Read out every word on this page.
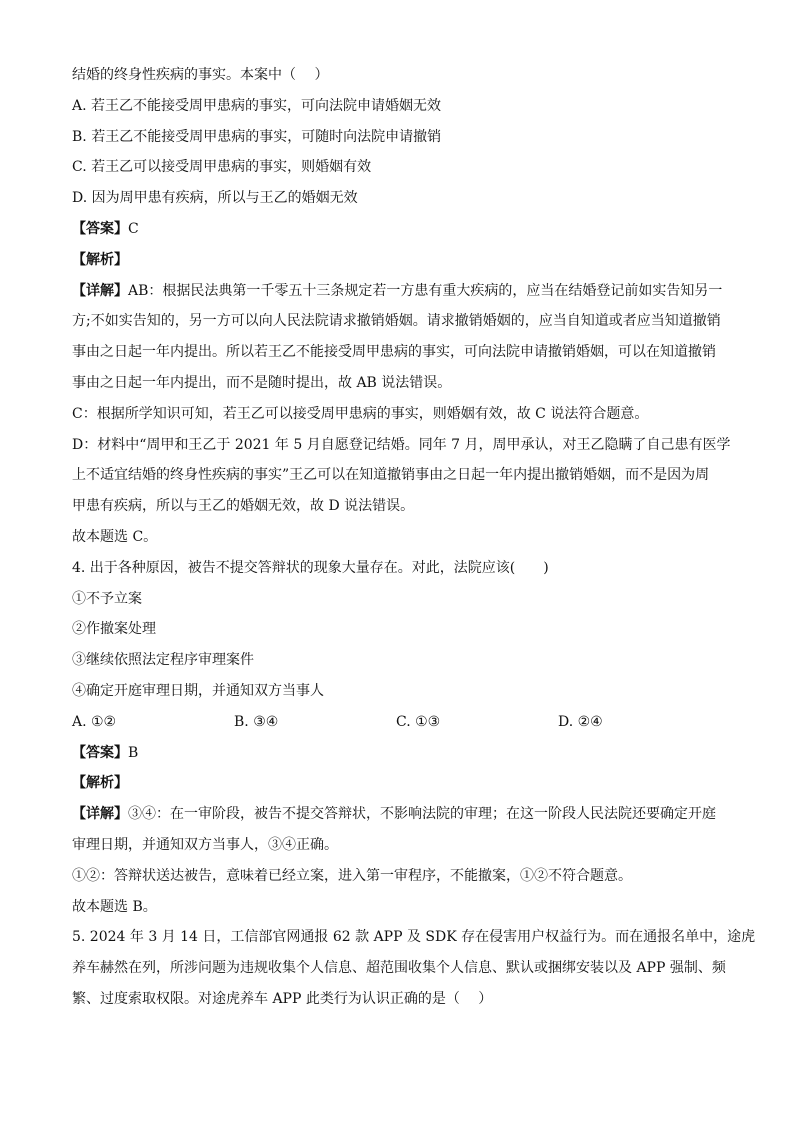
结婚的终身性疾病的事实。本案中（　 ）
A. 若王乙不能接受周甲患病的事实，可向法院申请婚姻无效
B. 若王乙不能接受周甲患病的事实，可随时向法院申请撤销
C. 若王乙可以接受周甲患病的事实，则婚姻有效
D. 因为周甲患有疾病，所以与王乙的婚姻无效
【答案】C
【解析】
【详解】AB：根据民法典第一千零五十三条规定若一方患有重大疾病的，应当在结婚登记前如实告知另一
方;不如实告知的，另一方可以向人民法院请求撤销婚姻。请求撤销婚姻的，应当自知道或者应当知道撤销
事由之日起一年内提出。所以若王乙不能接受周甲患病的事实，可向法院申请撤销婚姻，可以在知道撤销
事由之日起一年内提出，而不是随时提出，故 AB 说法错误。
C：根据所学知识可知，若王乙可以接受周甲患病的事实，则婚姻有效，故 C 说法符合题意。
D：材料中“周甲和王乙于 2021 年 5 月自愿登记结婚。同年 7 月，周甲承认，对王乙隐瞒了自己患有医学
上不适宜结婚的终身性疾病的事实”王乙可以在知道撤销事由之日起一年内提出撤销婚姻，而不是因为周
甲患有疾病，所以与王乙的婚姻无效，故 D 说法错误。
故本题选 C。
4. 出于各种原因，被告不提交答辩状的现象大量存在。对此，法院应该(　　)
①不予立案
②作撤案处理
③继续依照法定程序审理案件
④确定开庭审理日期，并通知双方当事人
A. ①②	B. ③④	C. ①③	D. ②④
【答案】B
【解析】
【详解】③④：在一审阶段，被告不提交答辩状，不影响法院的审理；在这一阶段人民法院还要确定开庭
审理日期，并通知双方当事人，③④正确。
①②：答辩状送达被告，意味着已经立案，进入第一审程序，不能撤案，①②不符合题意。
故本题选 B。
5. 2024 年 3 月 14 日，工信部官网通报 62 款 APP 及 SDK 存在侵害用户权益行为。而在通报名单中，途虎
养车赫然在列，所涉问题为违规收集个人信息、超范围收集个人信息、默认或捆绑安装以及 APP 强制、频
繁、过度索取权限。对途虎养车 APP 此类行为认识正确的是（　 ）
